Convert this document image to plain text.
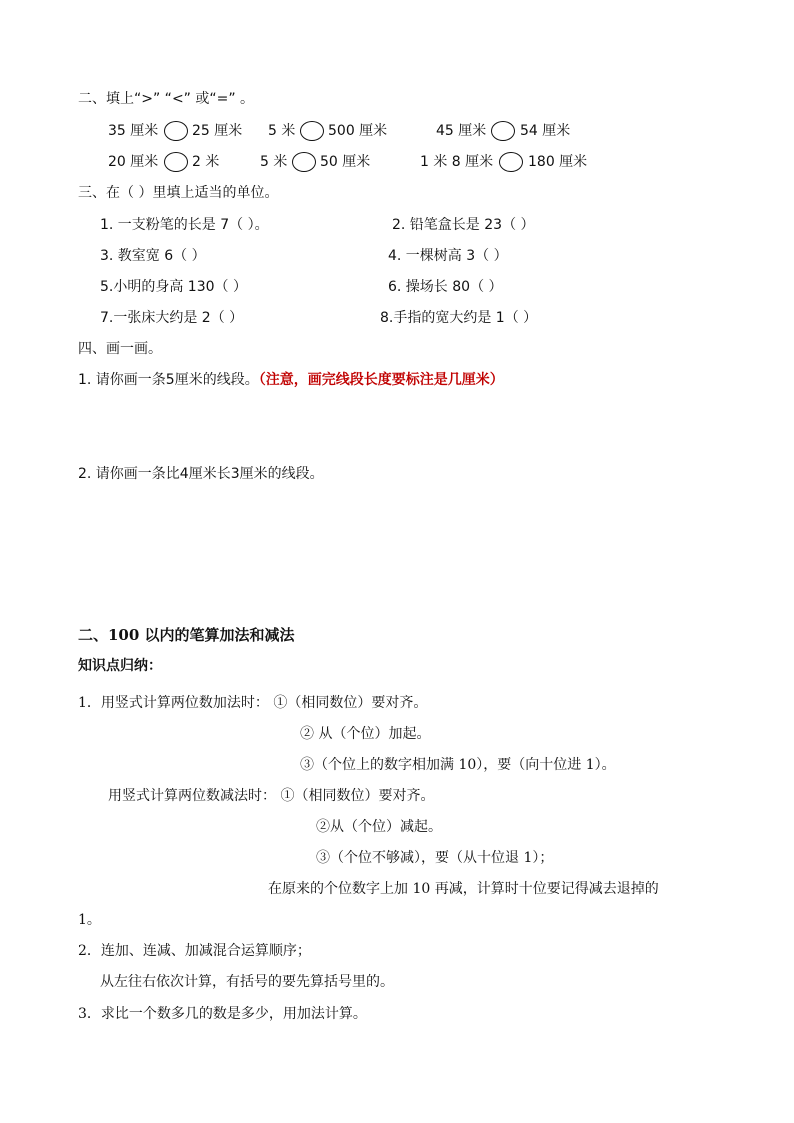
二、填上“>” “<” 或“=” 。
35 厘米 25 厘米 5 米 500 厘米	45 厘米 54 厘米
20 厘米 2 米	5 米 50 厘米	1 米 8 厘米 180 厘米
三、在（ ）里填上适当的单位。
1. 一支粉笔的长是 7（ ）。	2. 铅笔盒长是 23（ ）
3. 教室宽 6（ ）	4. 一棵树高 3（ ）
5.小明的身高 130（ ）	6. 操场长 80（ ）
7.一张床大约是 2（ ）	8.手指的宽大约是 1（ ）
四、画一画。
1. 请你画一条5厘米的线段。（注意，画完线段长度要标注是几厘米）
2. 请你画一条比4厘米长3厘米的线段。
二、100 以内的笔算加法和减法
知识点归纳：
1．用竖式计算两位数加法时： ①（相同数位）要对齐。
② 从（个位）加起。
③（个位上的数字相加满 10），要（向十位进 1）。
用竖式计算两位数减法时： ①（相同数位）要对齐。
②从（个位）减起。
③（个位不够减），要（从十位退 1）；
在原来的个位数字上加 10 再减，计算时十位要记得减去退掉的
1。
2．连加、连减、加减混合运算顺序；
从左往右依次计算，有括号的要先算括号里的。
3．求比一个数多几的数是多少，用加法计算。
